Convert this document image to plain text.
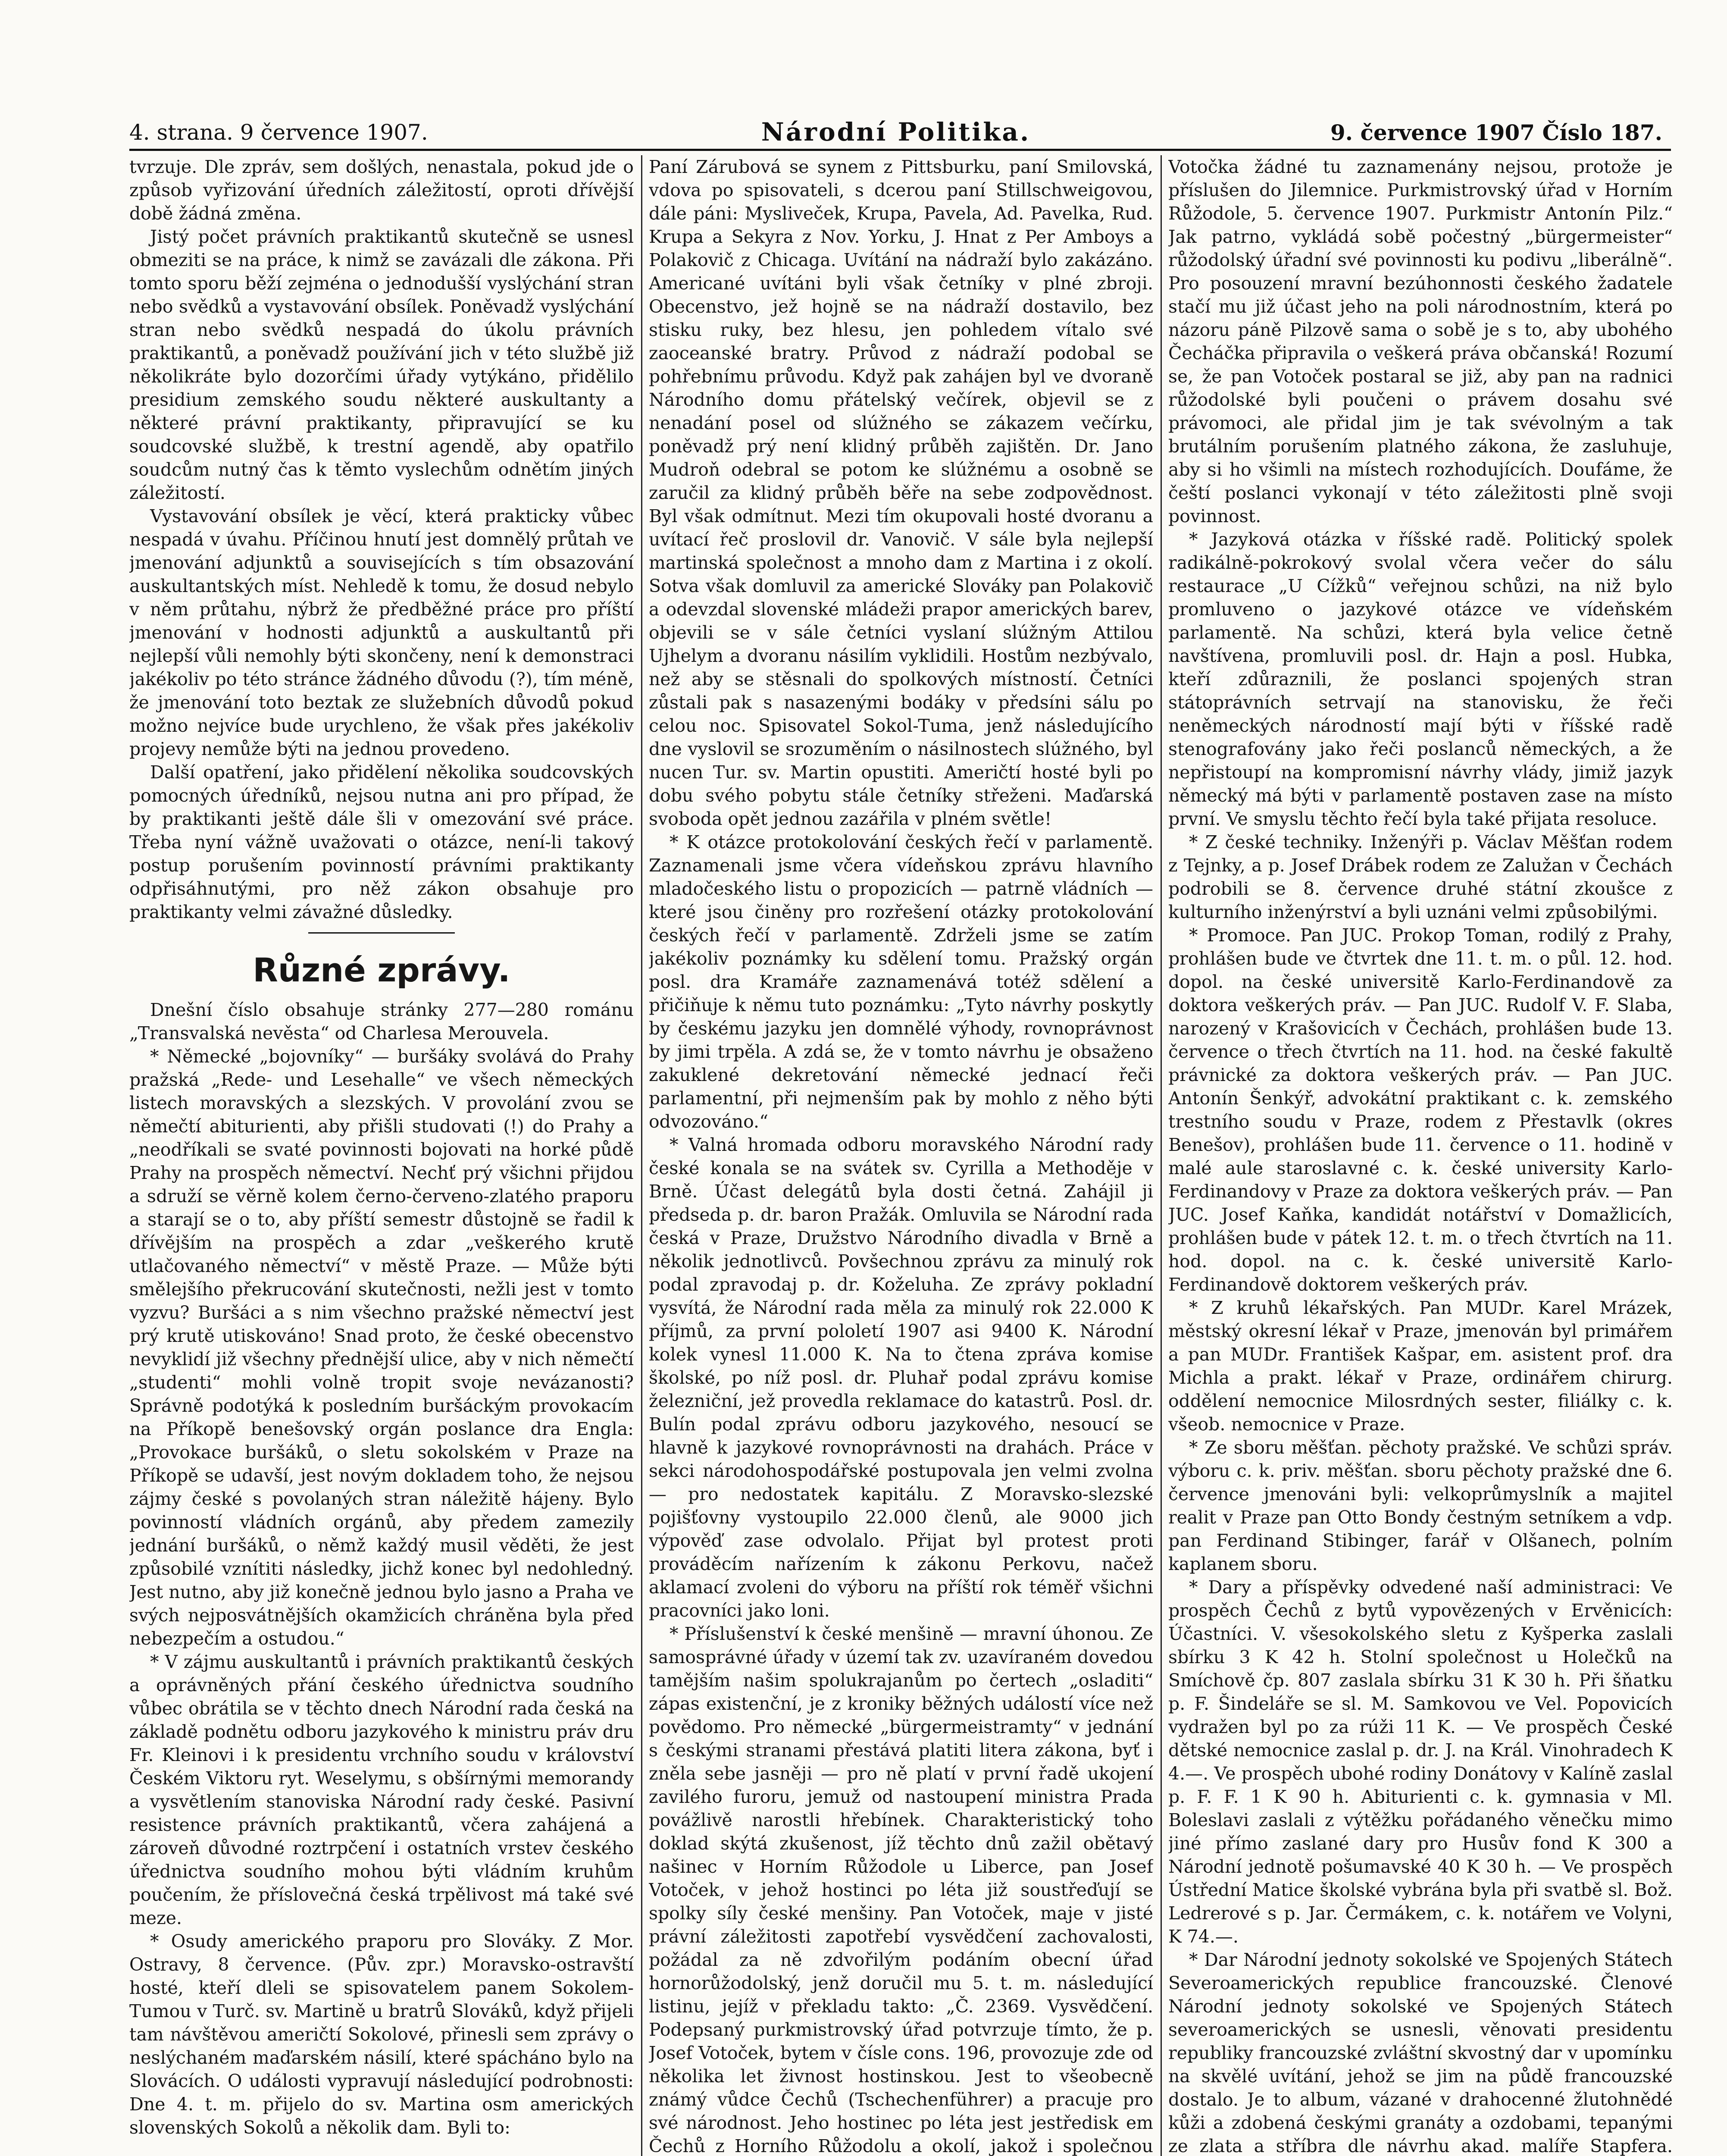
4. strana. 9 července 1907.	Národní Politika.	9. července 1907 Číslo 187.

tvrzuje. Dle zpráv, sem došlých, nenastala, pokud jde o způsob vyřizování úředních záležitostí, oproti dřívější době žádná změna.

Jistý počet právních praktikantů skutečně se usnesl obmeziti se na práce, k nimž se zavázali dle zákona. Při tomto sporu běží zejména o jednodušší vyslýchání stran nebo svědků a vystavování obsílek. Poněvadž vyslýchání stran nebo svědků nespadá do úkolu právních praktikantů, a poněvadž používání jich v této službě již několikráte bylo dozorčími úřady vytýkáno, přidělilo presidium zemského soudu některé auskultanty a některé právní praktikanty, připravující se ku soudcovské službě, k trestní agendě, aby opatřilo soudcům nutný čas k těmto vyslechům odnětím jiných záležitostí.

Vystavování obsílek je věcí, která prakticky vůbec nespadá v úvahu. Příčinou hnutí jest domnělý průtah ve jmenování adjunktů a souvisejících s tím obsazování auskultantských míst. Nehledě k tomu, že dosud nebylo v něm průtahu, nýbrž že předběžné práce pro příští jmenování v hodnosti adjunktů a auskultantů při nejlepší vůli nemohly býti skončeny, není k demonstraci jakékoliv po této stránce žádného důvodu (?), tím méně, že jmenování toto beztak ze služebních důvodů pokud možno nejvíce bude urychleno, že však přes jakékoliv projevy nemůže býti na jednou provedeno.

Další opatření, jako přidělení několika soudcovských pomocných úředníků, nejsou nutna ani pro případ, že by praktikanti ještě dále šli v omezování své práce. Třeba nyní vážně uvažovati o otázce, není-li takový postup porušením povinností právními praktikanty odpřisáhnutými, pro něž zákon obsahuje pro praktikanty velmi závažné důsledky.

Různé zprávy.

Dnešní číslo obsahuje stránky 277—280 románu „Transvalská nevěsta“ od Charlesa Merouvela.

* Německé „bojovníky“ — buršáky svolává do Prahy pražská „Rede- und Lesehalle“ ve všech německých listech moravských a slezských. V provolání zvou se němečtí abiturienti, aby přišli studovati (!) do Prahy a „neodříkali se svaté povinnosti bojovati na horké půdě Prahy na prospěch němectví. Nechť prý všichni přijdou a sdruží se věrně kolem černo-červeno-zlatého praporu a starají se o to, aby příští semestr důstojně se řadil k dřívějším na prospěch a zdar „veškerého krutě utlačovaného němectví“ v městě Praze. — Může býti smělejšího překrucování skutečnosti, nežli jest v tomto vyzvu? Buršáci a s nim všechno pražské němectví jest prý krutě utiskováno! Snad proto, že české obecenstvo nevyklidí již všechny přednější ulice, aby v nich němečtí „studenti“ mohli volně tropit svoje nevázanosti? Správně podotýká k posledním buršáckým provokacím na Příkopě benešovský orgán poslance dra Engla: „Provokace buršáků, o sletu sokolském v Praze na Příkopě se udavší, jest novým dokladem toho, že nejsou zájmy české s povolaných stran náležitě hájeny. Bylo povinností vládních orgánů, aby předem zamezily jednání buršáků, o němž každý musil věděti, že jest způsobilé vznítiti následky, jichž konec byl nedohledný. Jest nutno, aby již konečně jednou bylo jasno a Praha ve svých nejposvátnějších okamžicích chráněna byla před nebezpečím a ostudou.“

* V zájmu auskultantů i právních praktikantů českých a oprávněných přání českého úřednictva soudního vůbec obrátila se v těchto dnech Národní rada česká na základě podnětu odboru jazykového k ministru práv dru Fr. Kleinovi i k presidentu vrchního soudu v království Českém Viktoru ryt. Weselymu, s obšírnými memorandy a vysvětlením stanoviska Národní rady české. Pasivní resistence právních praktikantů, včera zahájená a zároveň důvodné roztrpčení i ostatních vrstev českého úřednictva soudního mohou býti vládním kruhům poučením, že příslovečná česká trpělivost má také své meze.

* Osudy amerického praporu pro Slováky. Z Mor. Ostravy, 8 července. (Pův. zpr.) Moravsko-ostravští hosté, kteří dleli se spisovatelem panem Sokolem-Tumou v Turč. sv. Martině u bratrů Slováků, když přijeli tam návštěvou američtí Sokolové, přinesli sem zprávy o neslýchaném maďarském násilí, které spácháno bylo na Slovácích. O události vypravují následující podrobnosti: Dne 4. t. m. přijelo do sv. Martina osm amerických slovenských Sokolů a několik dam. Byli to:

Paní Zárubová se synem z Pittsburku, paní Smilovská, vdova po spisovateli, s dcerou paní Stillschweigovou, dále páni: Mysliveček, Krupa, Pavela, Ad. Pavelka, Rud. Krupa a Sekyra z Nov. Yorku, J. Hnat z Per Amboys a Polakovič z Chicaga. Uvítání na nádraží bylo zakázáno. Americané uvítáni byli však četníky v plné zbroji. Obecenstvo, jež hojně se na nádraží dostavilo, bez stisku ruky, bez hlesu, jen pohledem vítalo své zaoceanské bratry. Průvod z nádraží podobal se pohřebnímu průvodu. Když pak zahájen byl ve dvoraně Národního domu přátelský večírek, objevil se z nenadání posel od slúžného se zákazem večírku, poněvadž prý není klidný průběh zajištěn. Dr. Jano Mudroň odebral se potom ke slúžnému a osobně se zaručil za klidný průběh běře na sebe zodpovědnost. Byl však odmítnut. Mezi tím okupovali hosté dvoranu a uvítací řeč proslovil dr. Vanovič. V sále byla nejlepší martinská společnost a mnoho dam z Martina i z okolí. Sotva však domluvil za americké Slováky pan Polakovič a odevzdal slovenské mládeži prapor amerických barev, objevili se v sále četníci vyslaní slúžným Attilou Ujhelym a dvoranu násilím vyklidili. Hostům nezbývalo, než aby se stěsnali do spolkových místností. Četníci zůstali pak s nasazenými bodáky v předsíni sálu po celou noc. Spisovatel Sokol-Tuma, jenž následujícího dne vyslovil se srozuměním o násilnostech slúžného, byl nucen Tur. sv. Martin opustiti. Američtí hosté byli po dobu svého pobytu stále četníky střeženi. Maďarská svoboda opět jednou zazářila v plném světle!

* K otázce protokolování českých řečí v parlamentě. Zaznamenali jsme včera vídeňskou zprávu hlavního mladočeského listu o propozicích — patrně vládních — které jsou činěny pro rozřešení otázky protokolování českých řečí v parlamentě. Zdrželi jsme se zatím jakékoliv poznámky ku sdělení tomu. Pražský orgán posl. dra Kramáře zaznamenává totéž sdělení a přičiňuje k němu tuto poznámku: „Tyto návrhy poskytly by českému jazyku jen domnělé výhody, rovnoprávnost by jimi trpěla. A zdá se, že v tomto návrhu je obsaženo zakuklené dekretování německé jednací řeči parlamentní, při nejmenším pak by mohlo z něho býti odvozováno.“

* Valná hromada odboru moravského Národní rady české konala se na svátek sv. Cyrilla a Methoděje v Brně. Účast delegátů byla dosti četná. Zahájil ji předseda p. dr. baron Pražák. Omluvila se Národní rada česká v Praze, Družstvo Národního divadla v Brně a několik jednotlivců. Povšechnou zprávu za minulý rok podal zpravodaj p. dr. Koželuha. Ze zprávy pokladní vysvítá, že Národní rada měla za minulý rok 22.000 K příjmů, za první pololetí 1907 asi 9400 K. Národní kolek vynesl 11.000 K. Na to čtena zpráva komise školské, po níž posl. dr. Pluhař podal zprávu komise železniční, jež provedla reklamace do katastrů. Posl. dr. Bulín podal zprávu odboru jazykového, nesoucí se hlavně k jazykové rovnoprávnosti na drahách. Práce v sekci národohospodářské postupovala jen velmi zvolna — pro nedostatek kapitálu. Z Moravsko-slezské pojišťovny vystoupilo 22.000 členů, ale 9000 jich výpověď zase odvolalo. Přijat byl protest proti prováděcím nařízením k zákonu Perkovu, načež aklamací zvoleni do výboru na příští rok téměř všichni pracovníci jako loni.

* Příslušenství k české menšině — mravní úhonou. Ze samosprávné úřady v území tak zv. uzavíraném dovedou tamějším našim spolukrajanům po čertech „osladiti“ zápas existenční, je z kroniky běžných událostí více než povědomo. Pro německé „bürgermeistramty“ v jednání s českými stranami přestává platiti litera zákona, byť i zněla sebe jasněji — pro ně platí v první řadě ukojení zavilého furoru, jemuž od nastoupení ministra Prada povážlivě narostli hřebínek. Charakteristický toho doklad skýtá zkušenost, jíž těchto dnů zažil obětavý našinec v Horním Růžodole u Liberce, pan Josef Votoček, v jehož hostinci po léta již soustřeďují se spolky síly české menšiny. Pan Votoček, maje v jisté právní záležitosti zapotřebí vysvědčení zachovalosti, požádal za ně zdvořilým podáním obecní úřad hornorůžodolský, jenž doručil mu 5. t. m. následující listinu, jejíž v překladu takto: „Č. 2369. Vysvědčení. Podepsaný purkmistrovský úřad potvrzuje tímto, že p. Josef Votoček, bytem v čísle cons. 196, provozuje zde od několika let živnost hostinskou. Jest to všeobecně známý vůdce Čechů (Tschechenführer) a pracuje pro své národnost. Jeho hostinec po léta jest jestředisk em Čechů z Horního Růžodolu a okolí, jakož i společnou

Votočka žádné tu zaznamenány nejsou, protože je příslušen do Jilemnice. Purkmistrovský úřad v Horním Růžodole, 5. července 1907. Purkmistr Antonín Pilz.“ Jak patrno, vykládá sobě počestný „bürgermeister“ růžodolský úřadní své povinnosti ku podivu „liberálně“. Pro posouzení mravní bezúhonnosti českého žadatele stačí mu již účast jeho na poli národnostním, která po názoru páně Pilzově sama o sobě je s to, aby ubohého Čecháčka připravila o veškerá práva občanská! Rozumí se, že pan Votoček postaral se již, aby pan na radnici růžodolské byli poučeni o právem dosahu své právomoci, ale přidal jim je tak svévolným a tak brutálním porušením platného zákona, že zasluhuje, aby si ho všimli na místech rozhodujících. Doufáme, že čeští poslanci vykonají v této záležitosti plně svoji povinnost.

* Jazyková otázka v říšské radě. Politický spolek radikálně-pokrokový svolal včera večer do sálu restaurace „U Cížků“ veřejnou schůzi, na niž bylo promluveno o jazykové otázce ve vídeňském parlamentě. Na schůzi, která byla velice četně navštívena, promluvili posl. dr. Hajn a posl. Hubka, kteří zdůraznili, že poslanci spojených stran státoprávních setrvají na stanovisku, že řeči neněmeckých národností mají býti v říšské radě stenografovány jako řeči poslanců německých, a že nepřistoupí na kompromisní návrhy vlády, jimiž jazyk německý má býti v parlamentě postaven zase na místo první. Ve smyslu těchto řečí byla také přijata resoluce.

* Z české techniky. Inženýři p. Václav Měšťan rodem z Tejnky, a p. Josef Drábek rodem ze Zalužan v Čechách podrobili se 8. července druhé státní zkoušce z kulturního inženýrství a byli uznáni velmi způsobilými.

* Promoce. Pan JUC. Prokop Toman, rodilý z Prahy, prohlášen bude ve čtvrtek dne 11. t. m. o půl. 12. hod. dopol. na české universitě Karlo-Ferdinandově za doktora veškerých práv. — Pan JUC. Rudolf V. F. Slaba, narozený v Krašovicích v Čechách, prohlášen bude 13. července o třech čtvrtích na 11. hod. na české fakultě právnické za doktora veškerých práv. — Pan JUC. Antonín Šenkýř, advokátní praktikant c. k. zemského trestního soudu v Praze, rodem z Přestavlk (okres Benešov), prohlášen bude 11. července o 11. hodině v malé aule staroslavné c. k. české university Karlo-Ferdinandovy v Praze za doktora veškerých práv. — Pan JUC. Josef Kaňka, kandidát notářství v Domažlicích, prohlášen bude v pátek 12. t. m. o třech čtvrtích na 11. hod. dopol. na c. k. české universitě Karlo-Ferdinandově doktorem veškerých práv.

* Z kruhů lékařských. Pan MUDr. Karel Mrázek, městský okresní lékař v Praze, jmenován byl primářem a pan MUDr. František Kašpar, em. asistent prof. dra Michla a prakt. lékař v Praze, ordinářem chirurg. oddělení nemocnice Milosrdných sester, filiálky c. k. všeob. nemocnice v Praze.

* Ze sboru měšťan. pěchoty pražské. Ve schůzi správ. výboru c. k. priv. měšťan. sboru pěchoty pražské dne 6. července jmenováni byli: velkoprůmyslník a majitel realit v Praze pan Otto Bondy čestným setníkem a vdp. pan Ferdinand Stibinger, farář v Olšanech, polním kaplanem sboru.

* Dary a příspěvky odvedené naší administraci: Ve prospěch Čechů z bytů vypovězených v Ervěnicích: Účastníci. V. všesokolského sletu z Kyšperka zaslali sbírku 3 K 42 h. Stolní společnost u Holečků na Smíchově čp. 807 zaslala sbírku 31 K 30 h. Při šňatku p. F. Šindeláře se sl. M. Samkovou ve Vel. Popovicích vydražen byl po za rúži 11 K. — Ve prospěch České dětské nemocnice zaslal p. dr. J. na Král. Vinohradech K 4.—. Ve prospěch ubohé rodiny Donátovy v Kalíně zaslal p. F. F. 1 K 90 h. Abiturienti c. k. gymnasia v Ml. Boleslavi zaslali z výtěžku pořádaného věnečku mimo jiné přímo zaslané dary pro Husův fond K 300 a Národní jednotě pošumavské 40 K 30 h. — Ve prospěch Ústřední Matice školské vybrána byla při svatbě sl. Bož. Ledrerové s p. Jar. Čermákem, c. k. notářem ve Volyni, K 74.—.

* Dar Národní jednoty sokolské ve Spojených Státech Severoamerických republice francouzské. Členové Národní jednoty sokolské ve Spojených Státech severoamerických se usnesli, věnovati presidentu republiky francouzské zvláštní skvostný dar v upomínku na skvělé uvítání, jehož se jim na půdě francouzské dostalo. Je to album, vázané v drahocenné žlutohnědé kůži a zdobená českými granáty a ozdobami, tepanými ze zlata a stříbra dle návrhu akad. malíře Stapfera.
